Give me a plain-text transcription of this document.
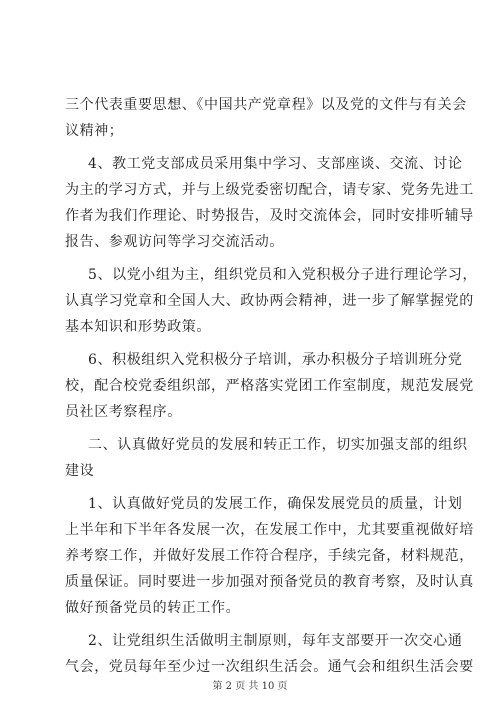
三个代表重要思想、《中国共产党章程》以及党的文件与有关会
议精神；
4、教工党支部成员采用集中学习、支部座谈、交流、讨论
为主的学习方式，并与上级党委密切配合，请专家、党务先进工
作者为我们作理论、时势报告，及时交流体会，同时安排听辅导
报告、参观访问等学习交流活动。
5、以党小组为主，组织党员和入党积极分子进行理论学习，
认真学习党章和全国人大、政协两会精神，进一步了解掌握党的
基本知识和形势政策。
6、积极组织入党积极分子培训，承办积极分子培训班分党
校，配合校党委组织部，严格落实党团工作室制度，规范发展党
员社区考察程序。
二、认真做好党员的发展和转正工作，切实加强支部的组织
建设
1、认真做好党员的发展工作，确保发展党员的质量，计划
上半年和下半年各发展一次，在发展工作中，尤其要重视做好培
养考察工作，并做好发展工作符合程序，手续完备，材料规范，
质量保证。同时要进一步加强对预备党员的教育考察，及时认真
做好预备党员的转正工作。
2、让党组织生活做明主制原则，每年支部要开一次交心通
气会，党员每年至少过一次组织生活会。通气会和组织生活会要
第 2 页 共 10 页
